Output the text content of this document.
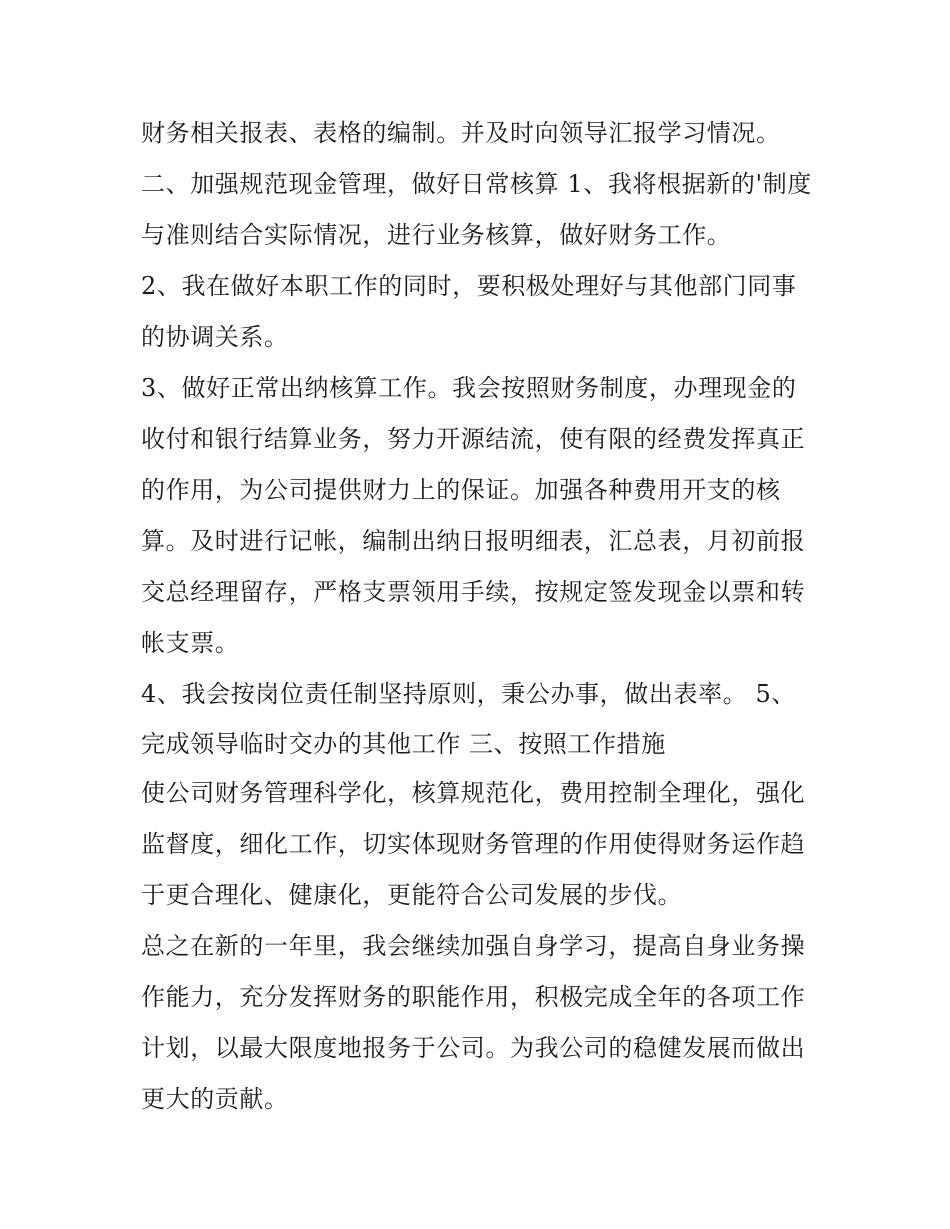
财务相关报表、表格的编制。并及时向领导汇报学习情况。
二、加强规范现金管理，做好日常核算 1、我将根据新的'制度
与准则结合实际情况，进行业务核算，做好财务工作。
2、我在做好本职工作的同时，要积极处理好与其他部门同事
的协调关系。
3、做好正常出纳核算工作。我会按照财务制度，办理现金的
收付和银行结算业务，努力开源结流，使有限的经费发挥真正
的作用，为公司提供财力上的保证。加强各种费用开支的核
算。及时进行记帐，编制出纳日报明细表，汇总表，月初前报
交总经理留存，严格支票领用手续，按规定签发现金以票和转
帐支票。
4、我会按岗位责任制坚持原则，秉公办事，做出表率。 5、
完成领导临时交办的其他工作 三、按照工作措施
使公司财务管理科学化，核算规范化，费用控制全理化，强化
监督度，细化工作，切实体现财务管理的作用使得财务运作趋
于更合理化、健康化，更能符合公司发展的步伐。
总之在新的一年里，我会继续加强自身学习，提高自身业务操
作能力，充分发挥财务的职能作用，积极完成全年的各项工作
计划，以最大限度地报务于公司。为我公司的稳健发展而做出
更大的贡献。
